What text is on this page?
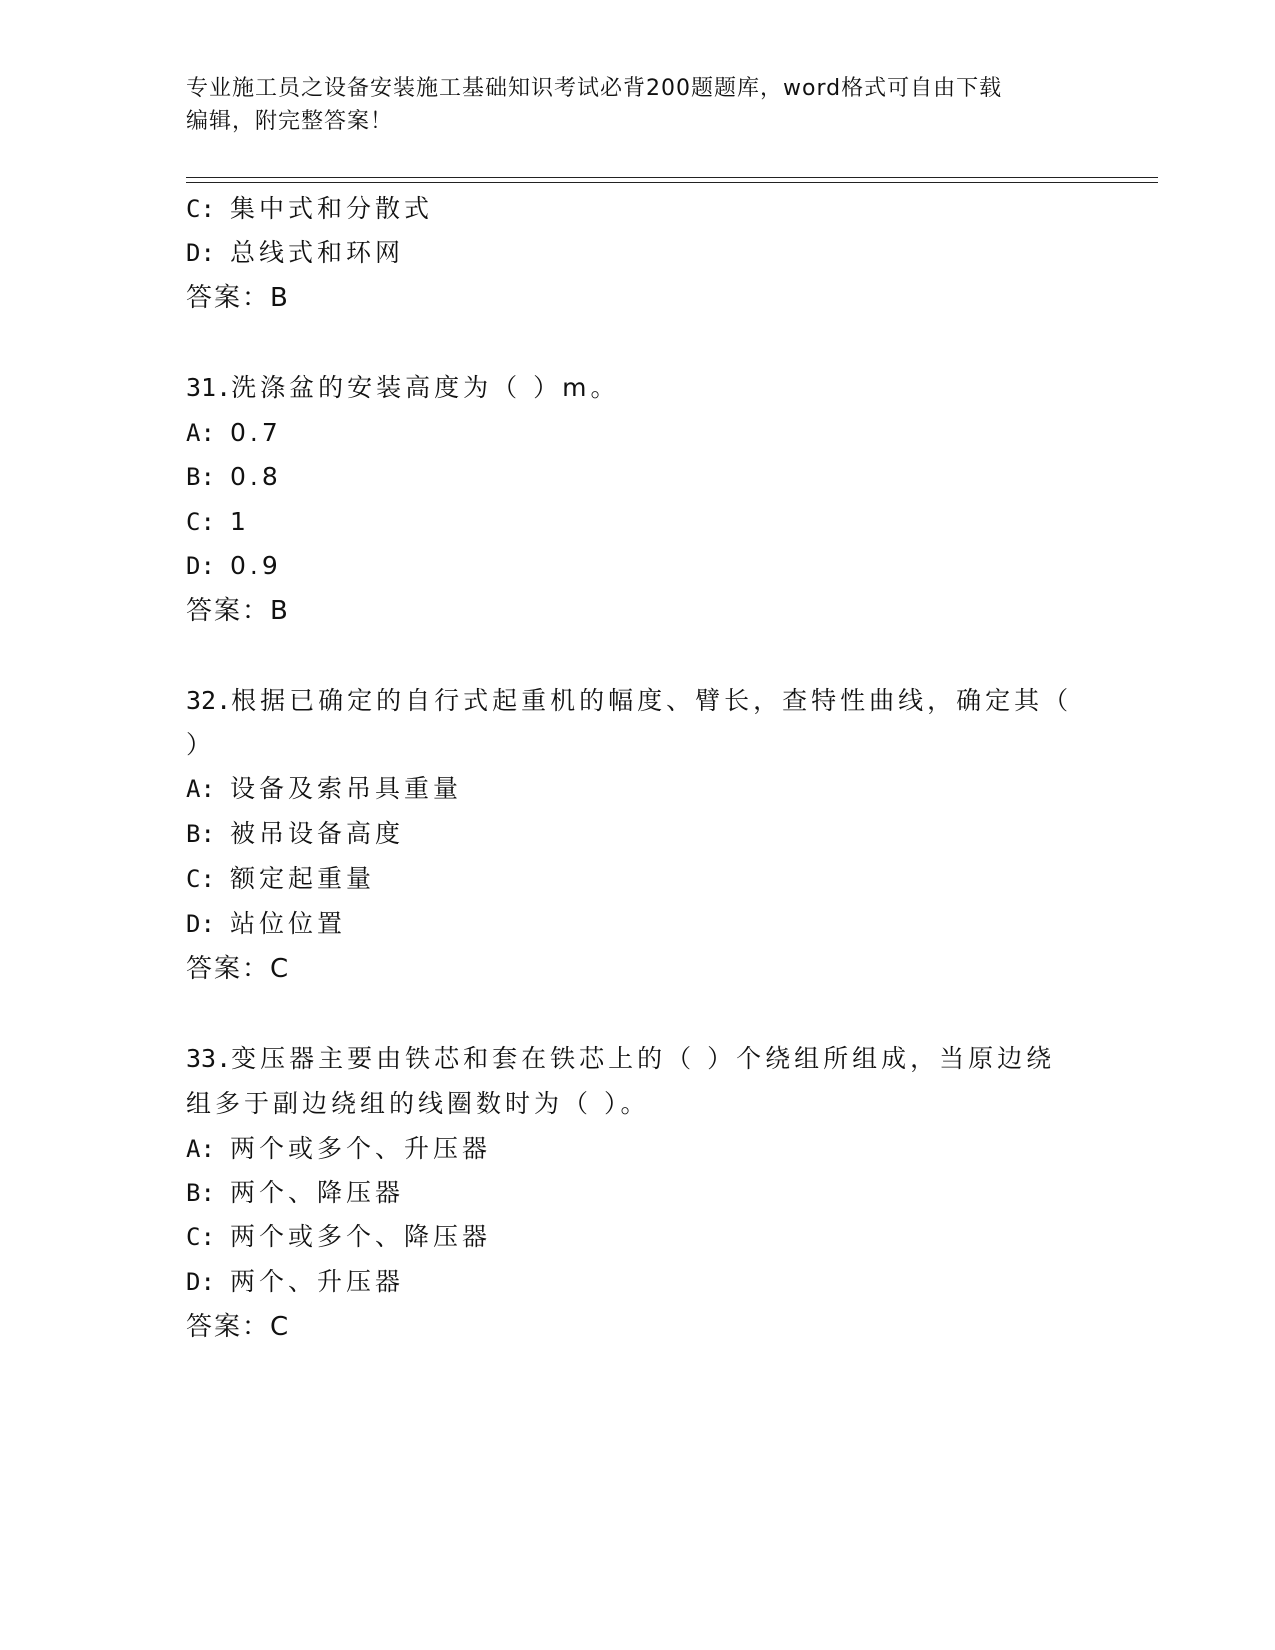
专业施工员之设备安装施工基础知识考试必背200题题库，word格式可自由下载
编辑，附完整答案！
C: 集中式和分散式
D: 总线式和环网
答案：B
31.洗涤盆的安装高度为（ ）m。
A: 0.7
B: 0.8
C: 1
D: 0.9
答案：B
32.根据已确定的自行式起重机的幅度、臂长，查特性曲线，确定其（
）
A: 设备及索吊具重量
B: 被吊设备高度
C: 额定起重量
D: 站位位置
答案：C
33.变压器主要由铁芯和套在铁芯上的（ ）个绕组所组成，当原边绕
组多于副边绕组的线圈数时为（ ）。
A: 两个或多个、升压器
B: 两个、降压器
C: 两个或多个、降压器
D: 两个、升压器
答案：C
